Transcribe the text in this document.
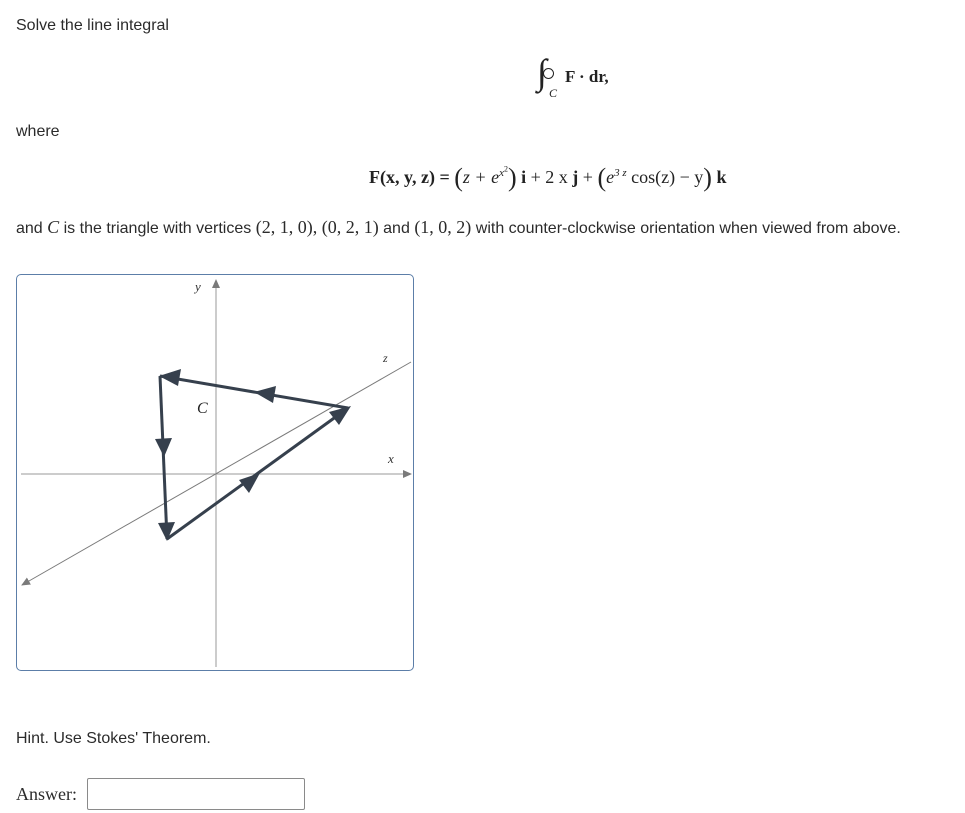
Solve the line integral
∫
C
F · dr,
where
F(x, y, $z) = (z + e^{x^2})$ i + 2 x $j + (e^{3 z}$ cos(z) − y) k
and C is the triangle with vertices (2, 1, 0), (0, 2, 1) and (1, 0, 2) with counter-clockwise orientation when viewed from above.
y
z
x
C
Hint. Use Stokes' Theorem.
Answer:
